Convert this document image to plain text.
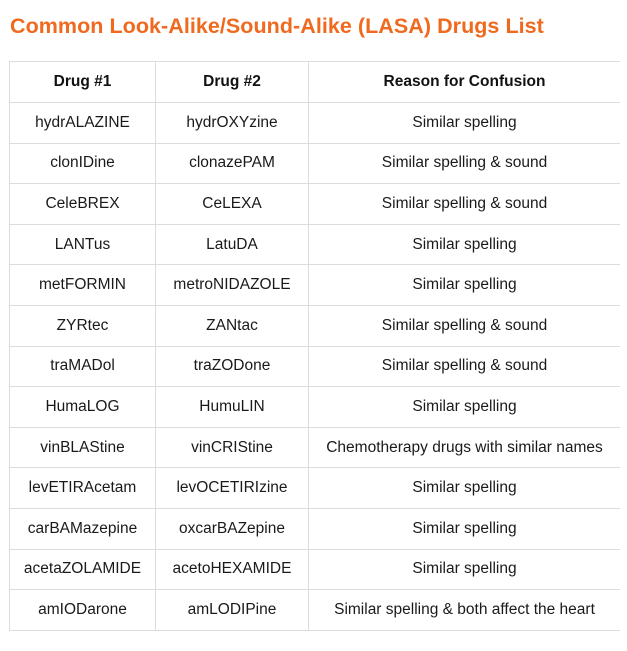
Common Look-Alike/Sound-Alike (LASA) Drugs List
Drug #1	Drug #2	Reason for Confusion
hydrALAZINE	hydrOXYzine	Similar spelling
clonIDine	clonazePAM	Similar spelling & sound
CeleBREX	CeLEXA	Similar spelling & sound
LANTus	LatuDA	Similar spelling
metFORMIN	metroNIDAZOLE	Similar spelling
ZYRtec	ZANtac	Similar spelling & sound
traMADol	traZODone	Similar spelling & sound
HumaLOG	HumuLIN	Similar spelling
vinBLAStine	vinCRIStine	Chemotherapy drugs with similar names
levETIRAcetam	levOCETIRIzine	Similar spelling
carBAMazepine	oxcarBAZepine	Similar spelling
acetaZOLAMIDE	acetoHEXAMIDE	Similar spelling
amIODarone	amLODIPine	Similar spelling & both affect the heart
